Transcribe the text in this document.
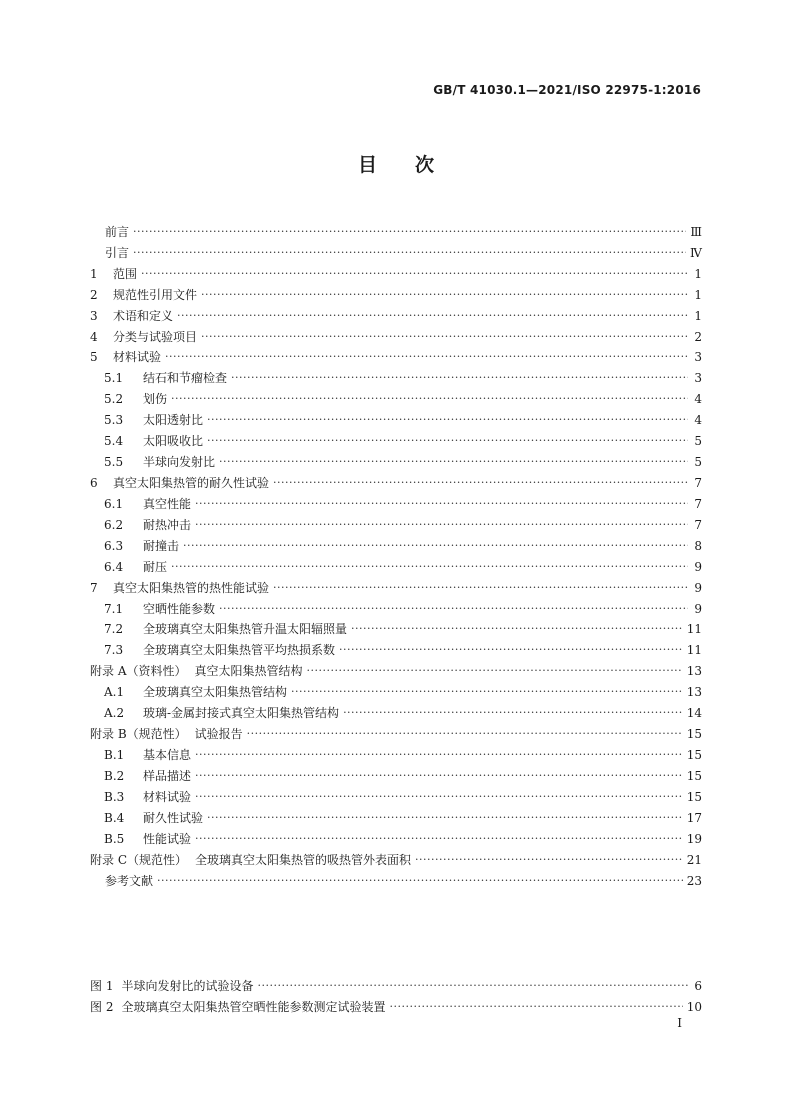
GB/T 41030.1—2021/ISO 22975-1:2016
目 次
前言 ·····	Ⅲ
引言 ·····	Ⅳ
1	范围 ·····	1
2	规范性引用文件 ·····	1
3	术语和定义 ·····	1
4	分类与试验项目 ·····	2
5	材料试验 ·····	3
5.1	结石和节瘤检查 ·····	3
5.2	划伤 ·····	4
5.3	太阳透射比 ·····	4
5.4	太阳吸收比 ·····	5
5.5	半球向发射比 ·····	5
6	真空太阳集热管的耐久性试验 ·····	7
6.1	真空性能 ·····	7
6.2	耐热冲击 ·····	7
6.3	耐撞击 ·····	8
6.4	耐压 ·····	9
7	真空太阳集热管的热性能试验 ·····	9
7.1	空晒性能参数 ·····	9
7.2	全玻璃真空太阳集热管升温太阳辐照量 ·····	11
7.3	全玻璃真空太阳集热管平均热损系数 ·····	11
附录 A（资料性） 真空太阳集热管结构 ·····	13
A.1	全玻璃真空太阳集热管结构 ·····	13
A.2	玻璃-金属封接式真空太阳集热管结构 ·····	14
附录 B（规范性） 试验报告 ·····	15
B.1	基本信息 ·····	15
B.2	样品描述 ·····	15
B.3	材料试验 ·····	15
B.4	耐久性试验 ·····	17
B.5	性能试验 ·····	19
附录 C（规范性） 全玻璃真空太阳集热管的吸热管外表面积 ·····	21
参考文献 ·····	23
图 1 半球向发射比的试验设备 ·····	6
图 2 全玻璃真空太阳集热管空晒性能参数测定试验装置 ·····	10
I
